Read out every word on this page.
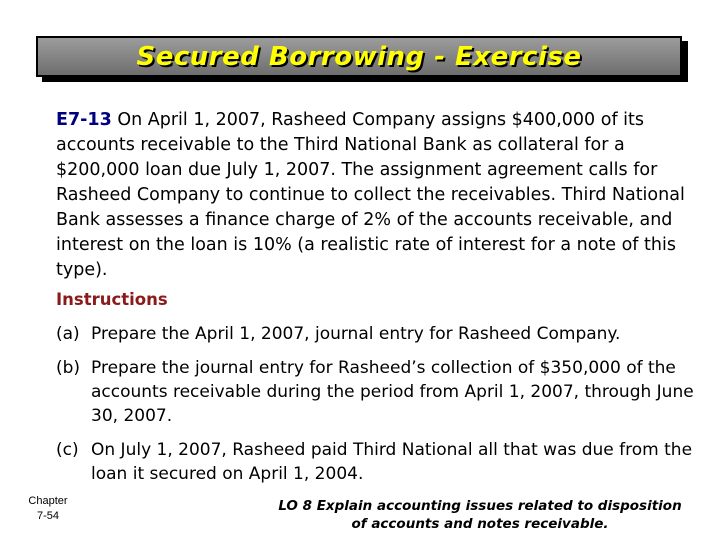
Secured Borrowing - Exercise
E7-13 On April 1, 2007, Rasheed Company assigns $400,000 of its accounts receivable to the Third National Bank as collateral for a $200,000 loan due July 1, 2007. The assignment agreement calls for Rasheed Company to continue to collect the receivables. Third National Bank assesses a finance charge of 2% of the accounts receivable, and interest on the loan is 10% (a realistic rate of interest for a note of this type).
Instructions
(a) Prepare the April 1, 2007, journal entry for Rasheed Company.
(b) Prepare the journal entry for Rasheed’s collection of $350,000 of the accounts receivable during the period from April 1, 2007, through June 30, 2007.
(c) On July 1, 2007, Rasheed paid Third National all that was due from the loan it secured on April 1, 2004.
Chapter
7-54
LO 8 Explain accounting issues related to disposition
of accounts and notes receivable.
